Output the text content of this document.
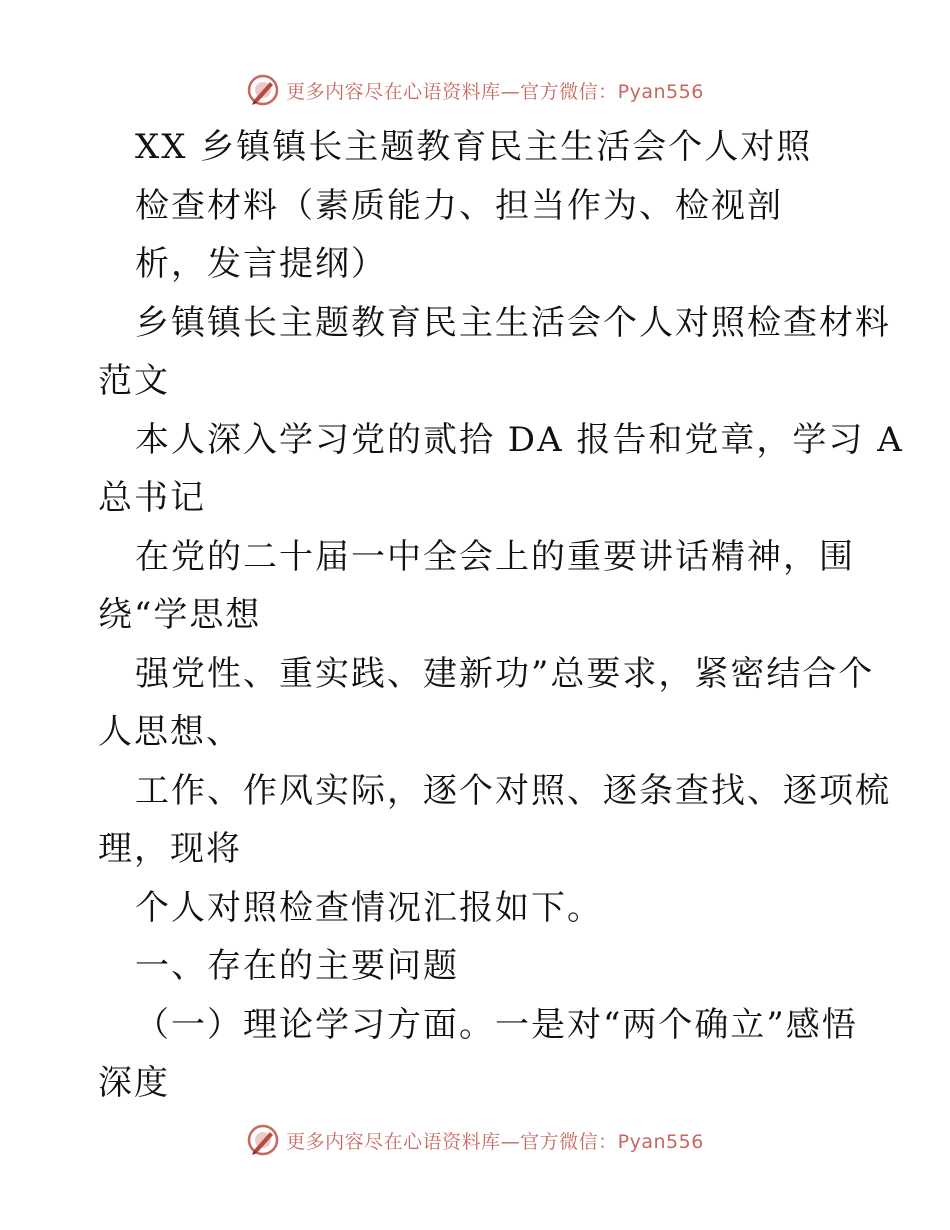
更多内容尽在心语资料库—官方微信：Pyan556
XX 乡镇镇长主题教育民主生活会个人对照
检查材料（素质能力、担当作为、检视剖
析，发言提纲）
乡镇镇长主题教育民主生活会个人对照检查材料
范文
本人深入学习党的贰拾 DA 报告和党章，学习 A
总书记
在党的二十届一中全会上的重要讲话精神，围
绕“学思想
强党性、重实践、建新功”总要求，紧密结合个
人思想、
工作、作风实际，逐个对照、逐条查找、逐项梳
理，现将
个人对照检查情况汇报如下。
一、存在的主要问题
（一）理论学习方面。一是对“两个确立”感悟
深度
更多内容尽在心语资料库—官方微信：Pyan556
